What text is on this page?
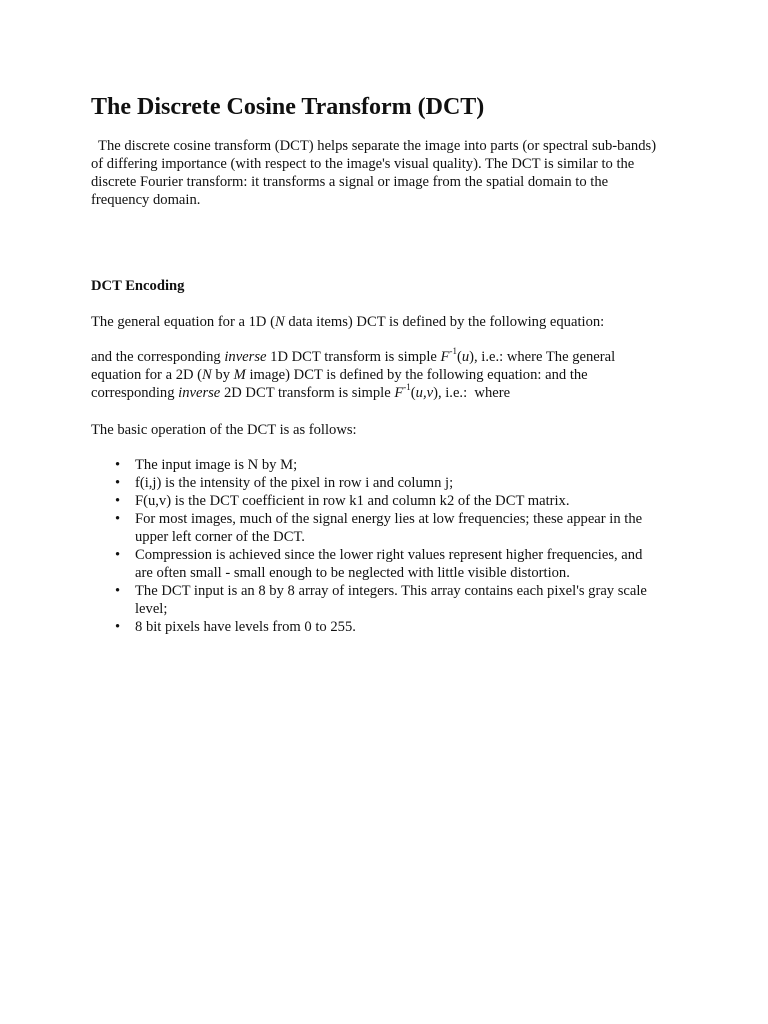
The Discrete Cosine Transform (DCT)
The discrete cosine transform (DCT) helps separate the image into parts (or spectral sub-bands)
of differing importance (with respect to the image's visual quality). The DCT is similar to the
discrete Fourier transform: it transforms a signal or image from the spatial domain to the
frequency domain.
DCT Encoding
The general equation for a 1D (N data items) DCT is defined by the following equation:
and the corresponding inverse 1D DCT transform is simple $F^{-1}(u)$, i.e.: where The general
equation for a 2D (N by M image) DCT is defined by the following equation: and the
corresponding inverse 2D DCT transform is simple $F^{-1}(u,v)$, i.e.:  where
The basic operation of the DCT is as follows:
• The input image is N by M;
• f(i,j) is the intensity of the pixel in row i and column j;
• F(u,v) is the DCT coefficient in row k1 and column k2 of the DCT matrix.
• For most images, much of the signal energy lies at low frequencies; these appear in the
upper left corner of the DCT.
• Compression is achieved since the lower right values represent higher frequencies, and
are often small - small enough to be neglected with little visible distortion.
• The DCT input is an 8 by 8 array of integers. This array contains each pixel's gray scale
level;
• 8 bit pixels have levels from 0 to 255.
